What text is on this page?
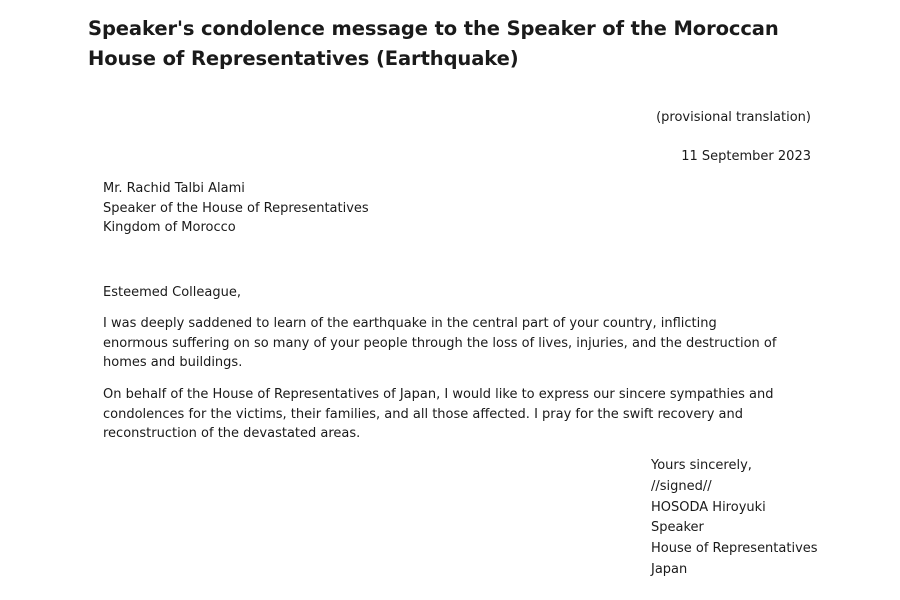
Speaker's condolence message to the Speaker of the Moroccan House of Representatives (Earthquake)
(provisional translation)
11 September 2023
Mr. Rachid Talbi Alami
Speaker of the House of Representatives
Kingdom of Morocco
Esteemed Colleague,

I was deeply saddened to learn of the earthquake in the central part of your country, inflicting enormous suffering on so many of your people through the loss of lives, injuries, and the destruction of homes and buildings.

On behalf of the House of Representatives of Japan, I would like to express our sincere sympathies and condolences for the victims, their families, and all those affected. I pray for the swift recovery and reconstruction of the devastated areas.

Yours sincerely,
//signed//
HOSODA Hiroyuki
Speaker
House of Representatives
Japan
